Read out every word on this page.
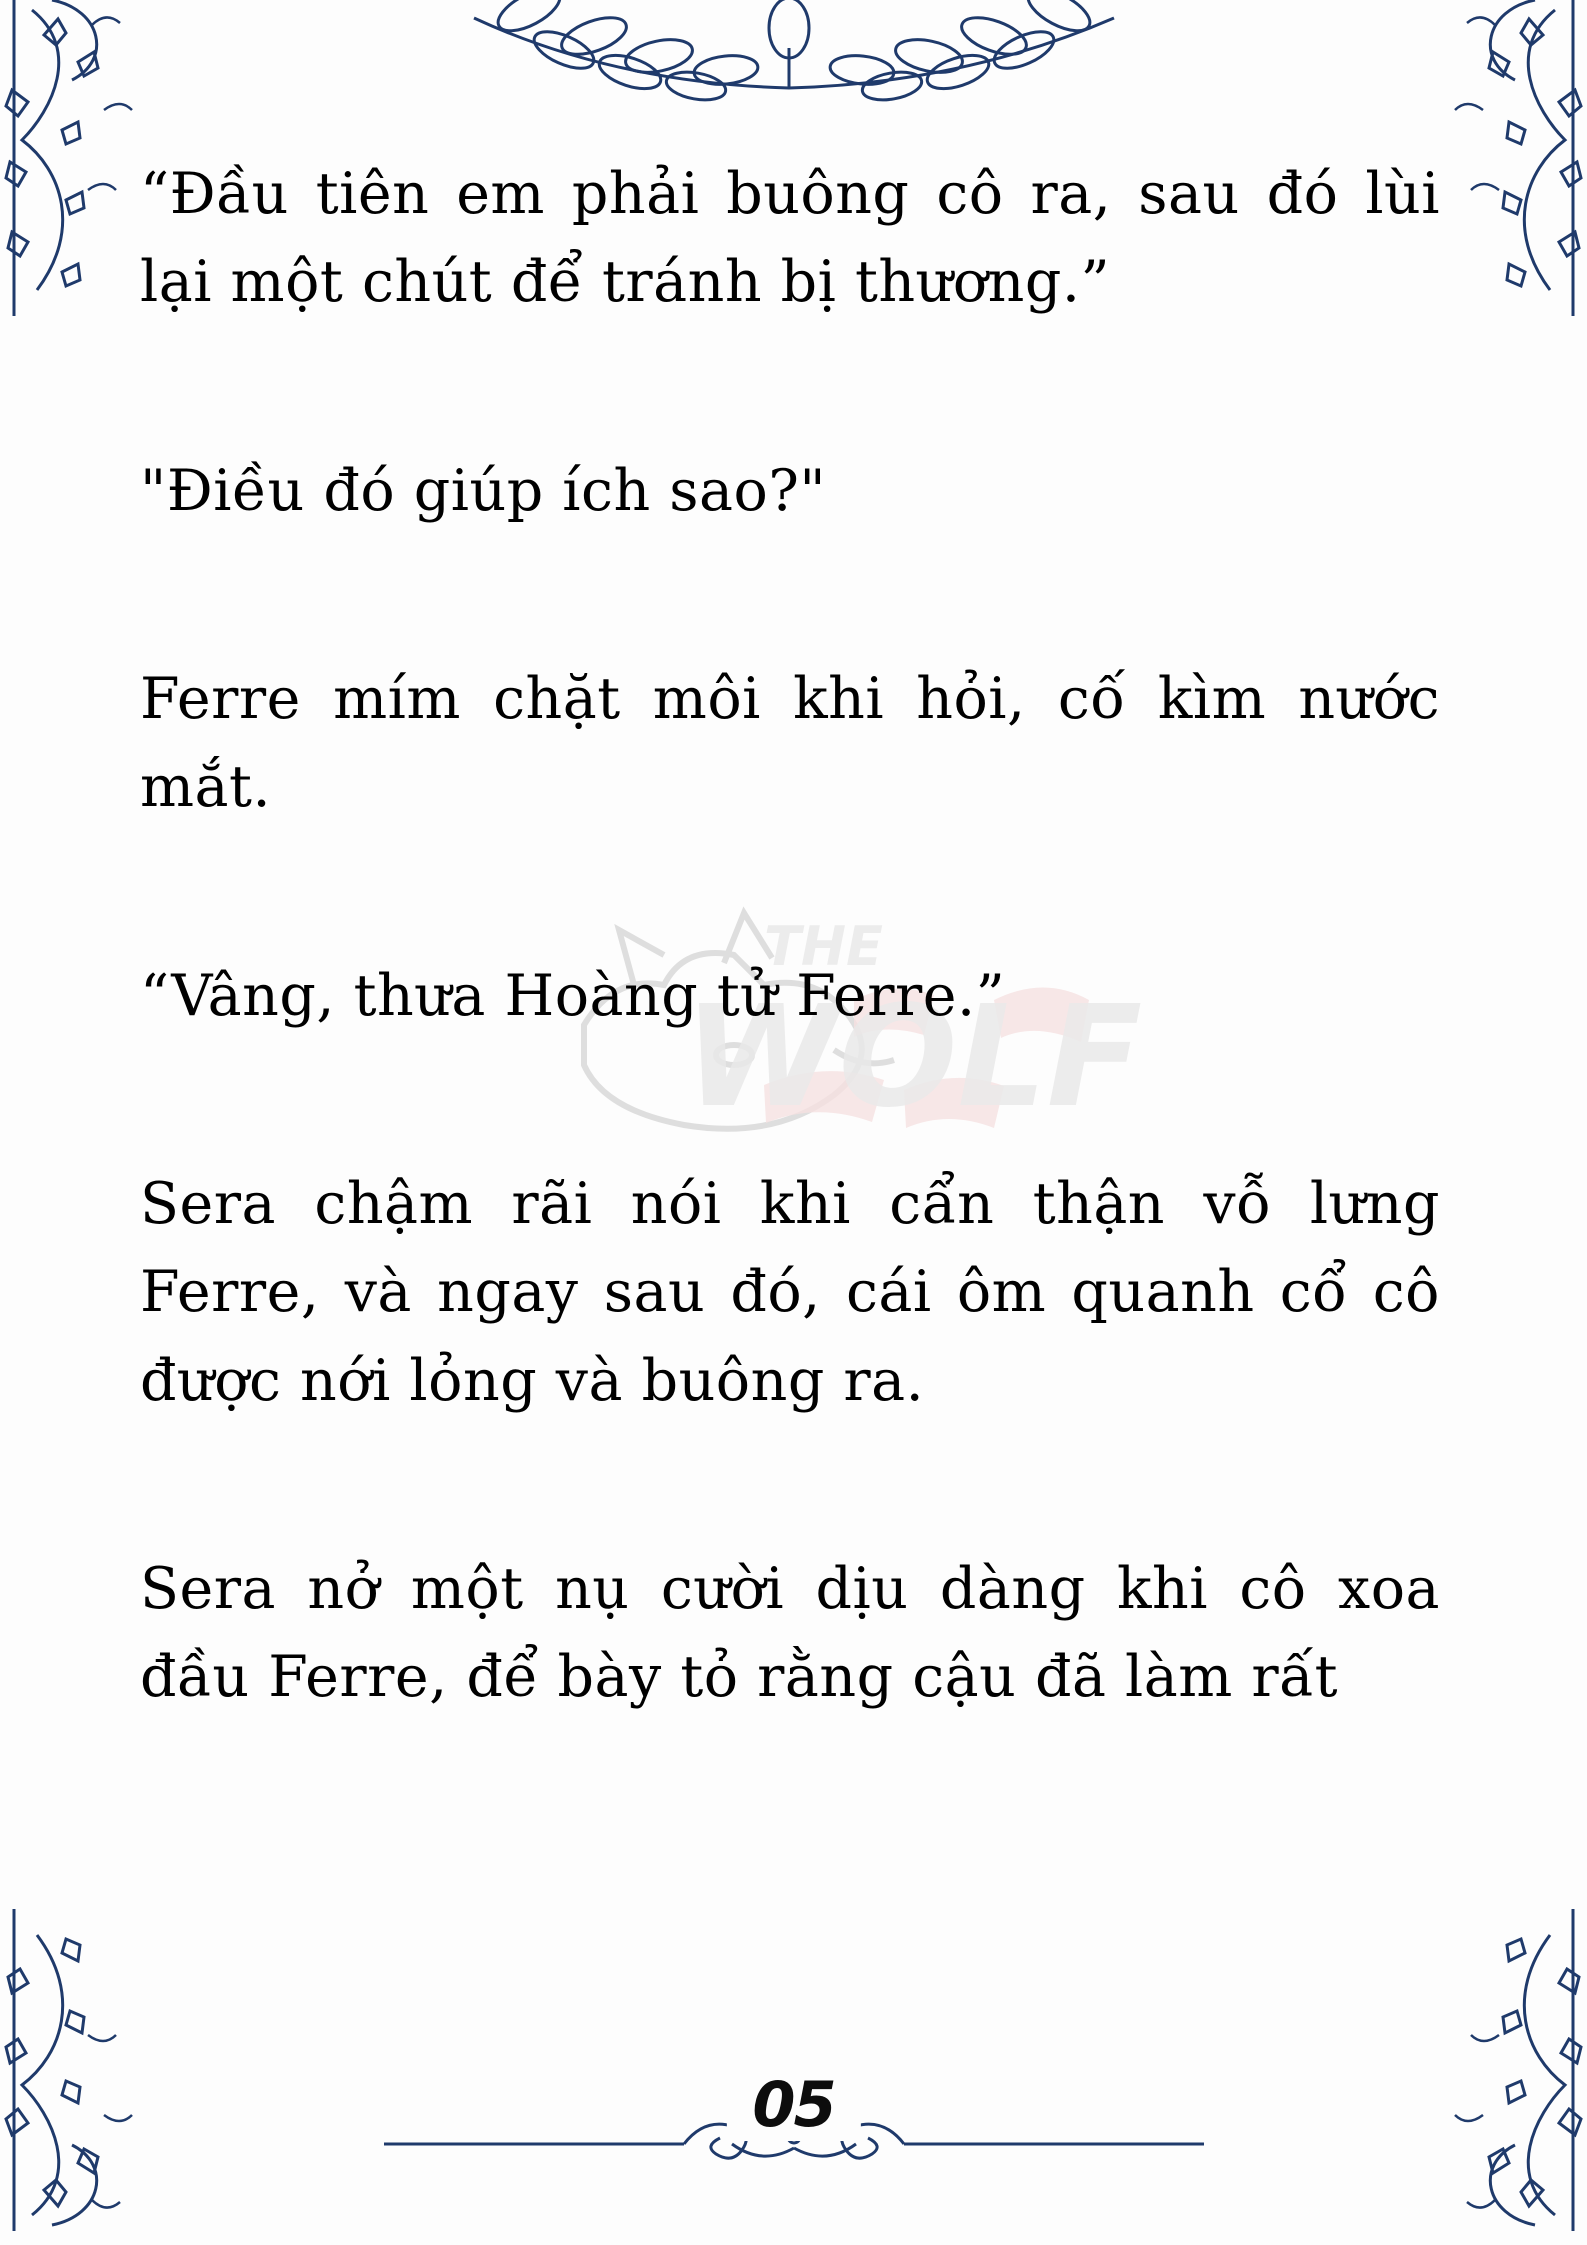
THE
WOLF

“Đầu tiên em phải buông cô ra, sau đó lùi lại một chút để tránh bị thương.”

"Điều đó giúp ích sao?"

Ferre mím chặt môi khi hỏi, cố kìm nước mắt.

“Vâng, thưa Hoàng tử Ferre.”

Sera chậm rãi nói khi cẩn thận vỗ lưng Ferre, và ngay sau đó, cái ôm quanh cổ cô được nới lỏng và buông ra.

Sera nở một nụ cười dịu dàng khi cô xoa đầu Ferre, để bày tỏ rằng cậu đã làm rất

05
